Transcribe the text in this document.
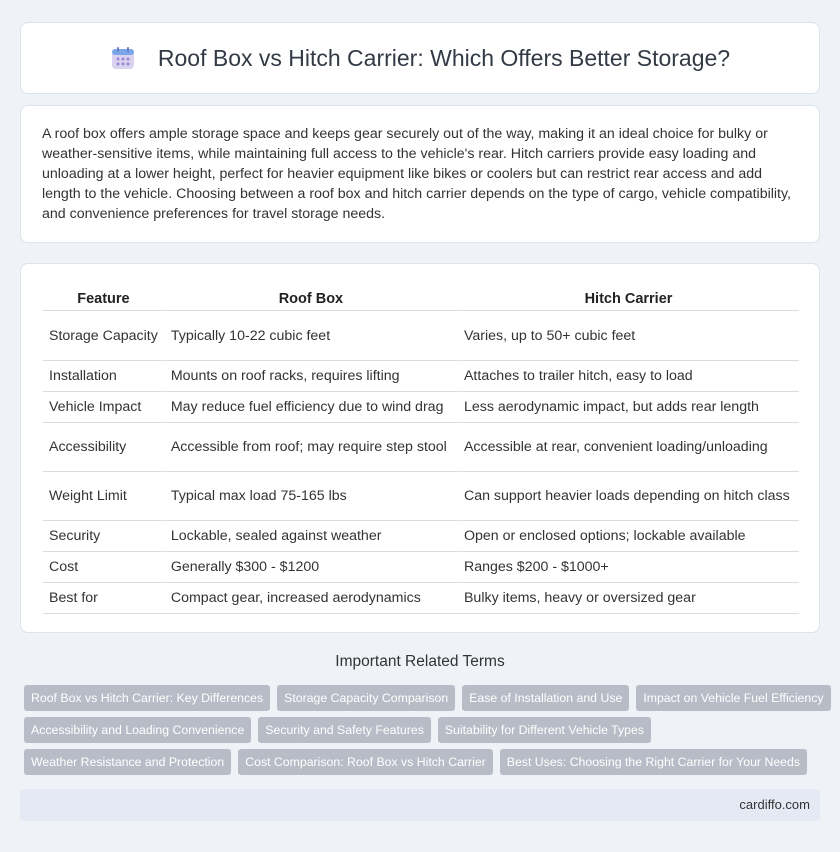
Roof Box vs Hitch Carrier: Which Offers Better Storage?

A roof box offers ample storage space and keeps gear securely out of the way, making it an ideal choice for bulky or weather-sensitive items, while maintaining full access to the vehicle's rear. Hitch carriers provide easy loading and unloading at a lower height, perfect for heavier equipment like bikes or coolers but can restrict rear access and add length to the vehicle. Choosing between a roof box and hitch carrier depends on the type of cargo, vehicle compatibility, and convenience preferences for travel storage needs.

Feature	Roof Box	Hitch Carrier
Storage Capacity	Typically 10-22 cubic feet	Varies, up to 50+ cubic feet
Installation	Mounts on roof racks, requires lifting	Attaches to trailer hitch, easy to load
Vehicle Impact	May reduce fuel efficiency due to wind drag	Less aerodynamic impact, but adds rear length
Accessibility	Accessible from roof; may require step stool	Accessible at rear, convenient loading/unloading
Weight Limit	Typical max load 75-165 lbs	Can support heavier loads depending on hitch class
Security	Lockable, sealed against weather	Open or enclosed options; lockable available
Cost	Generally $300 - $1200	Ranges $200 - $1000+
Best for	Compact gear, increased aerodynamics	Bulky items, heavy or oversized gear
Important Related Terms
Roof Box vs Hitch Carrier: Key Differences	Storage Capacity Comparison	Ease of Installation and Use	Impact on Vehicle Fuel Efficiency
Accessibility and Loading Convenience	Security and Safety Features	Suitability for Different Vehicle Types
Weather Resistance and Protection	Cost Comparison: Roof Box vs Hitch Carrier	Best Uses: Choosing the Right Carrier for Your Needs
cardiffo.com
